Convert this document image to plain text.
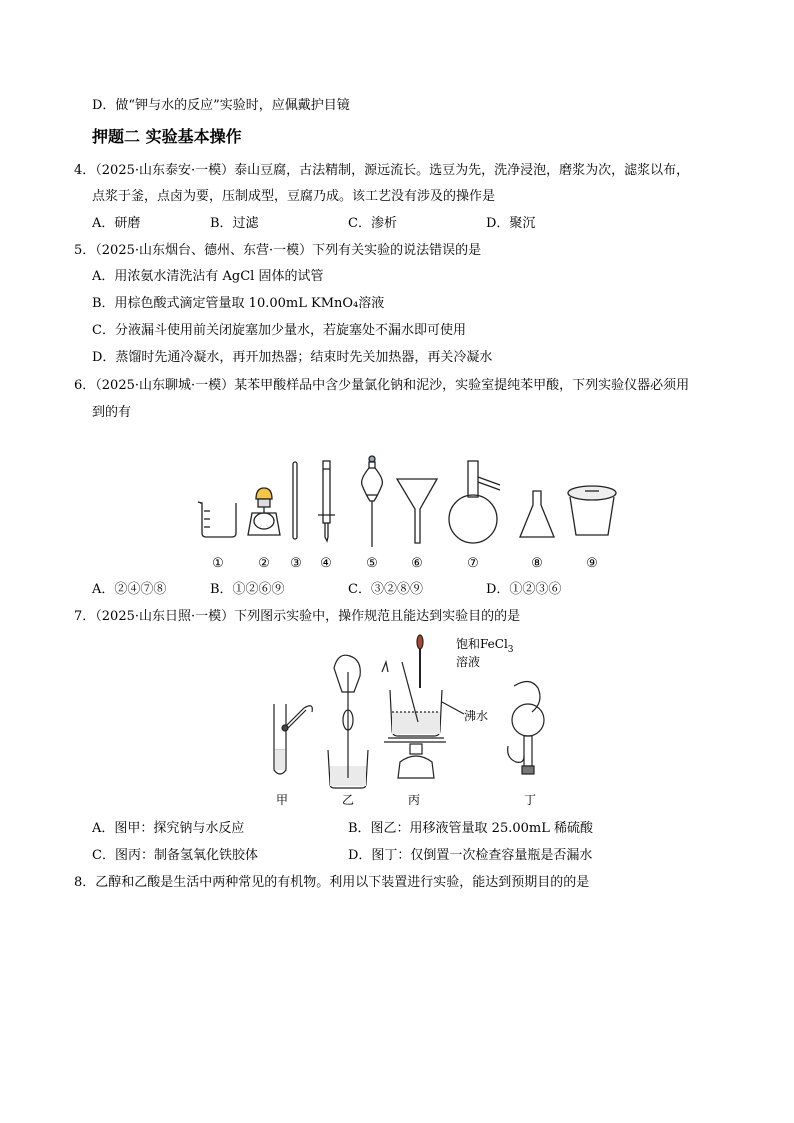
D．做“钾与水的反应”实验时，应佩戴护目镜
押题二 实验基本操作
4．（2025·山东泰安·一模）泰山豆腐，古法精制，源远流长。选豆为先，洗净浸泡，磨浆为次，滤浆以布，
点浆于釜，点卤为要，压制成型，豆腐乃成。该工艺没有涉及的操作是
A．研磨	B．过滤	C．渗析	D．聚沉
5．（2025·山东烟台、德州、东营·一模）下列有关实验的说法错误的是
A．用浓氨水清洗沾有 AgCl 固体的试管
B．用棕色酸式滴定管量取 10.00mL KMnO₄溶液
C．分液漏斗使用前关闭旋塞加少量水，若旋塞处不漏水即可使用
D．蒸馏时先通冷凝水，再开加热器；结束时先关加热器，再关冷凝水
6．（2025·山东聊城·一模）某苯甲酸样品中含少量氯化钠和泥沙，实验室提纯苯甲酸，下列实验仪器必须用
到的有
①	② ③ ④	⑤	⑥	⑦	⑧	⑨
A．②④⑦⑧	B．①②⑥⑨	C．③②⑧⑨	D．①②③⑥
7．（2025·山东日照·一模）下列图示实验中，操作规范且能达到实验目的的是
饱和FeCl$_3$
溶液
沸水
甲	乙	丙	丁
A．图甲：探究钠与水反应	B．图乙：用移液管量取 25.00mL 稀硫酸
C．图丙：制备氢氧化铁胶体	D．图丁：仅倒置一次检查容量瓶是否漏水
8．乙醇和乙酸是生活中两种常见的有机物。利用以下装置进行实验，能达到预期目的的是
